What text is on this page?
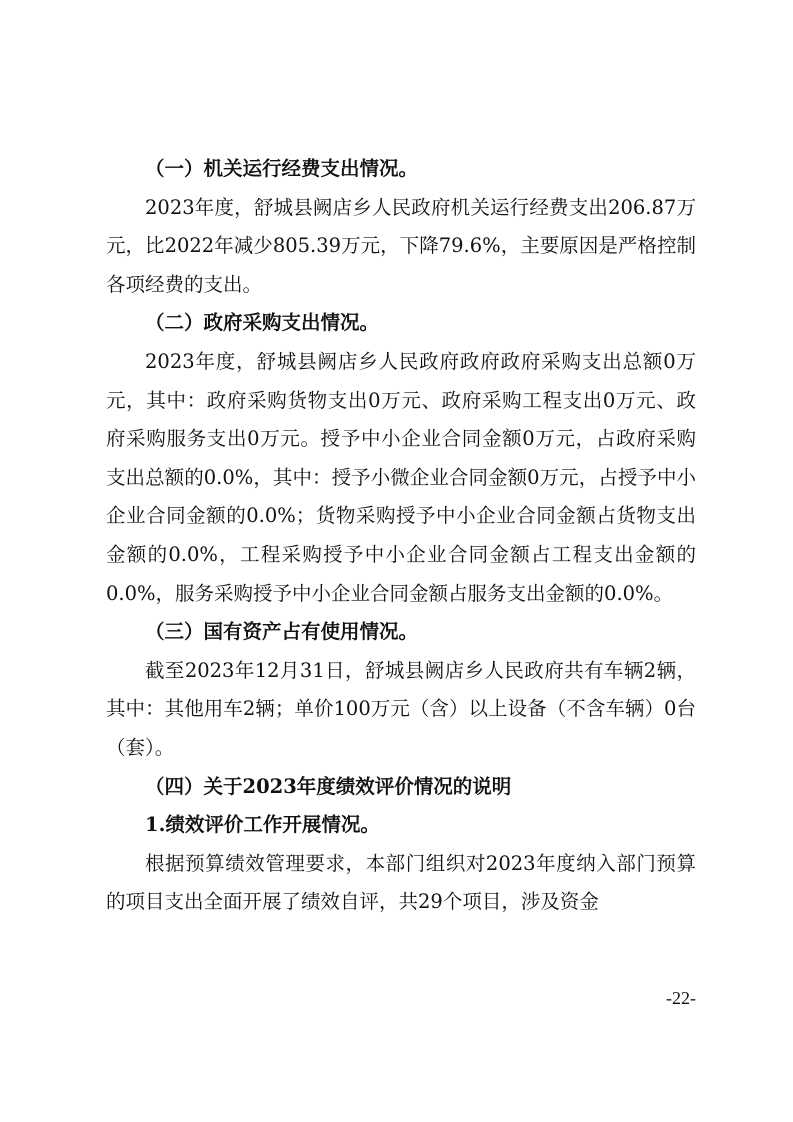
（一）机关运行经费支出情况。

2023年度，舒城县阙店乡人民政府机关运行经费支出206.87万元，比2022年减少805.39万元，下降79.6%，主要原因是严格控制各项经费的支出。

（二）政府采购支出情况。

2023年度，舒城县阙店乡人民政府政府政府采购支出总额0万元，其中：政府采购货物支出0万元、政府采购工程支出0万元、政府采购服务支出0万元。授予中小企业合同金额0万元，占政府采购支出总额的0.0%，其中：授予小微企业合同金额0万元，占授予中小企业合同金额的0.0%；货物采购授予中小企业合同金额占货物支出金额的0.0%，工程采购授予中小企业合同金额占工程支出金额的0.0%，服务采购授予中小企业合同金额占服务支出金额的0.0%。

（三）国有资产占有使用情况。

截至2023年12月31日，舒城县阙店乡人民政府共有车辆2辆，其中：其他用车2辆；单价100万元（含）以上设备（不含车辆）0台（套）。

（四）关于2023年度绩效评价情况的说明

1.绩效评价工作开展情况。

根据预算绩效管理要求，本部门组织对2023年度纳入部门预算的项目支出全面开展了绩效自评，共29个项目，涉及资金

-22-
